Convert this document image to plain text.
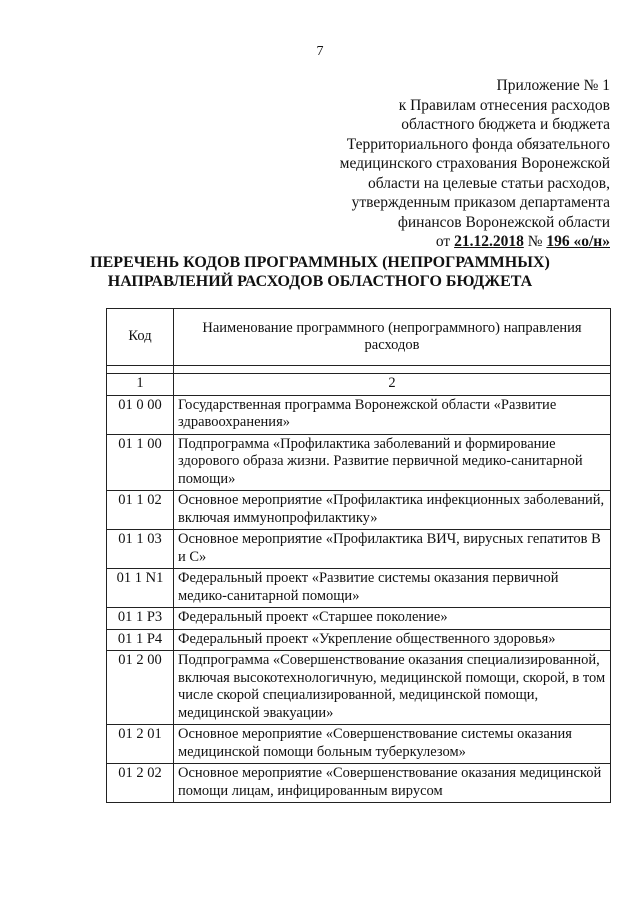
7
Приложение № 1
к Правилам отнесения расходов
областного бюджета и бюджета
Территориального фонда обязательного
медицинского страхования Воронежской
области на целевые статьи расходов,
утвержденным приказом департамента
финансов Воронежской области
от 21.12.2018 № 196 «о/н»
ПЕРЕЧЕНЬ КОДОВ ПРОГРАММНЫХ (НЕПРОГРАММНЫХ)
НАПРАВЛЕНИЙ РАСХОДОВ ОБЛАСТНОГО БЮДЖЕТА
Код	Наименование программного (непрограммного) направления расходов

1	2
01 0 00	Государственная программа Воронежской области «Развитие здравоохранения»
01 1 00	Подпрограмма «Профилактика заболеваний и формирование здорового образа жизни. Развитие первичной медико-санитарной помощи»
01 1 02	Основное мероприятие «Профилактика инфекционных заболеваний, включая иммунопрофилактику»
01 1 03	Основное мероприятие «Профилактика ВИЧ, вирусных гепатитов В и С»
01 1 N1	Федеральный проект «Развитие системы оказания первичной медико-санитарной помощи»
01 1 P3	Федеральный проект «Старшее поколение»
01 1 P4	Федеральный проект «Укрепление общественного здоровья»
01 2 00	Подпрограмма «Совершенствование оказания специализированной, включая высокотехнологичную, медицинской помощи, скорой, в том числе скорой специализированной, медицинской помощи, медицинской эвакуации»
01 2 01	Основное мероприятие «Совершенствование системы оказания медицинской помощи больным туберкулезом»
01 2 02	Основное мероприятие «Совершенствование оказания медицинской помощи лицам, инфицированным вирусом
